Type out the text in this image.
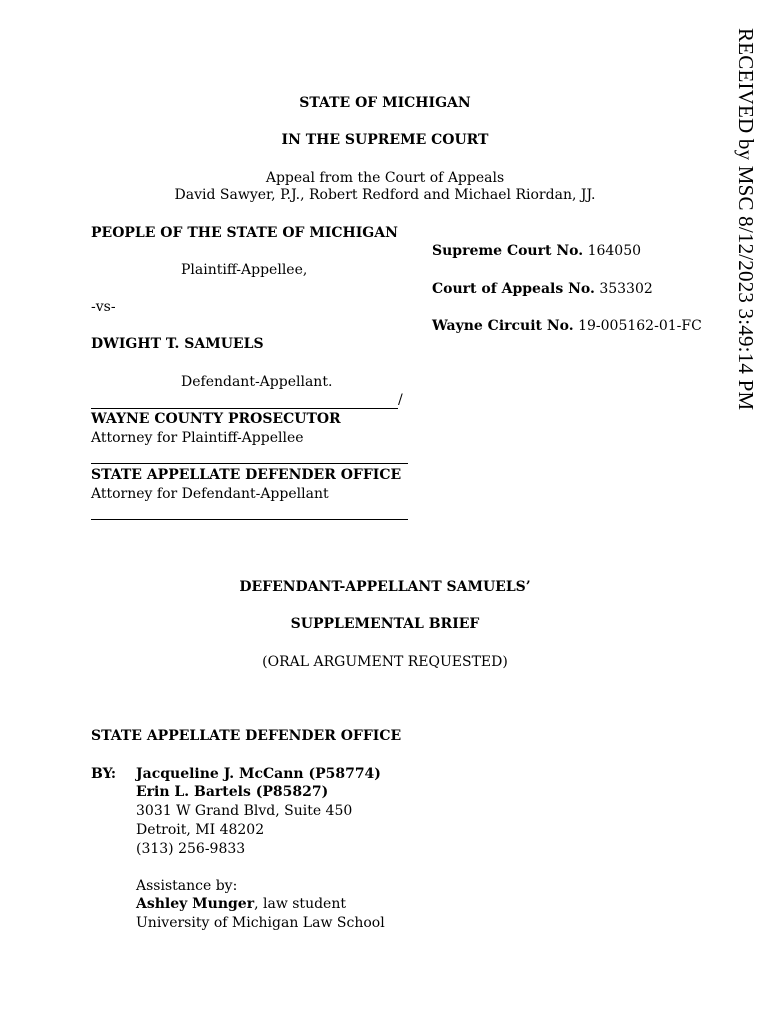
RECEIVED by MSC 8/12/2023 3:49:14 PM
STATE OF MICHIGAN
IN THE SUPREME COURT
Appeal from the Court of Appeals
David Sawyer, P.J., Robert Redford and Michael Riordan, JJ.
PEOPLE OF THE STATE OF MICHIGAN
Plaintiff-Appellee,
-vs-
DWIGHT T. SAMUELS
Defendant-Appellant.
/
Supreme Court No. 164050
Court of Appeals No. 353302
Wayne Circuit No. 19-005162-01-FC
WAYNE COUNTY PROSECUTOR
Attorney for Plaintiff-Appellee
STATE APPELLATE DEFENDER OFFICE
Attorney for Defendant-Appellant
DEFENDANT-APPELLANT SAMUELS’
SUPPLEMENTAL BRIEF
(ORAL ARGUMENT REQUESTED)
STATE APPELLATE DEFENDER OFFICE
BY: Jacqueline J. McCann (P58774)
Erin L. Bartels (P85827)
3031 W Grand Blvd, Suite 450
Detroit, MI 48202
(313) 256-9833
Assistance by:
Ashley Munger, law student
University of Michigan Law School
